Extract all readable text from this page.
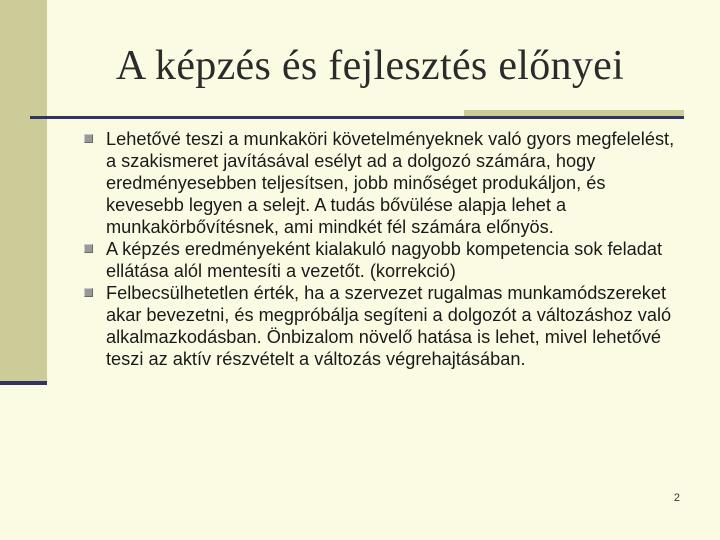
A képzés és fejlesztés előnyei
Lehetővé teszi a munkaköri követelményeknek való gyors megfelelést, a szakismeret javításával esélyt ad a dolgozó számára, hogy eredményesebben teljesítsen, jobb minőséget produkáljon, és kevesebb legyen a selejt. A tudás bővülése alapja lehet a munkakörbővítésnek, ami mindkét fél számára előnyös.
A képzés eredményeként kialakuló nagyobb kompetencia sok feladat ellátása alól mentesíti a vezetőt. (korrekció)
Felbecsülhetetlen érték, ha a szervezet rugalmas munkamódszereket akar bevezetni, és megpróbálja segíteni a dolgozót a változáshoz való alkalmazkodásban. Önbizalom növelő hatása is lehet, mivel lehetővé teszi az aktív részvételt a változás végrehajtásában.
2
